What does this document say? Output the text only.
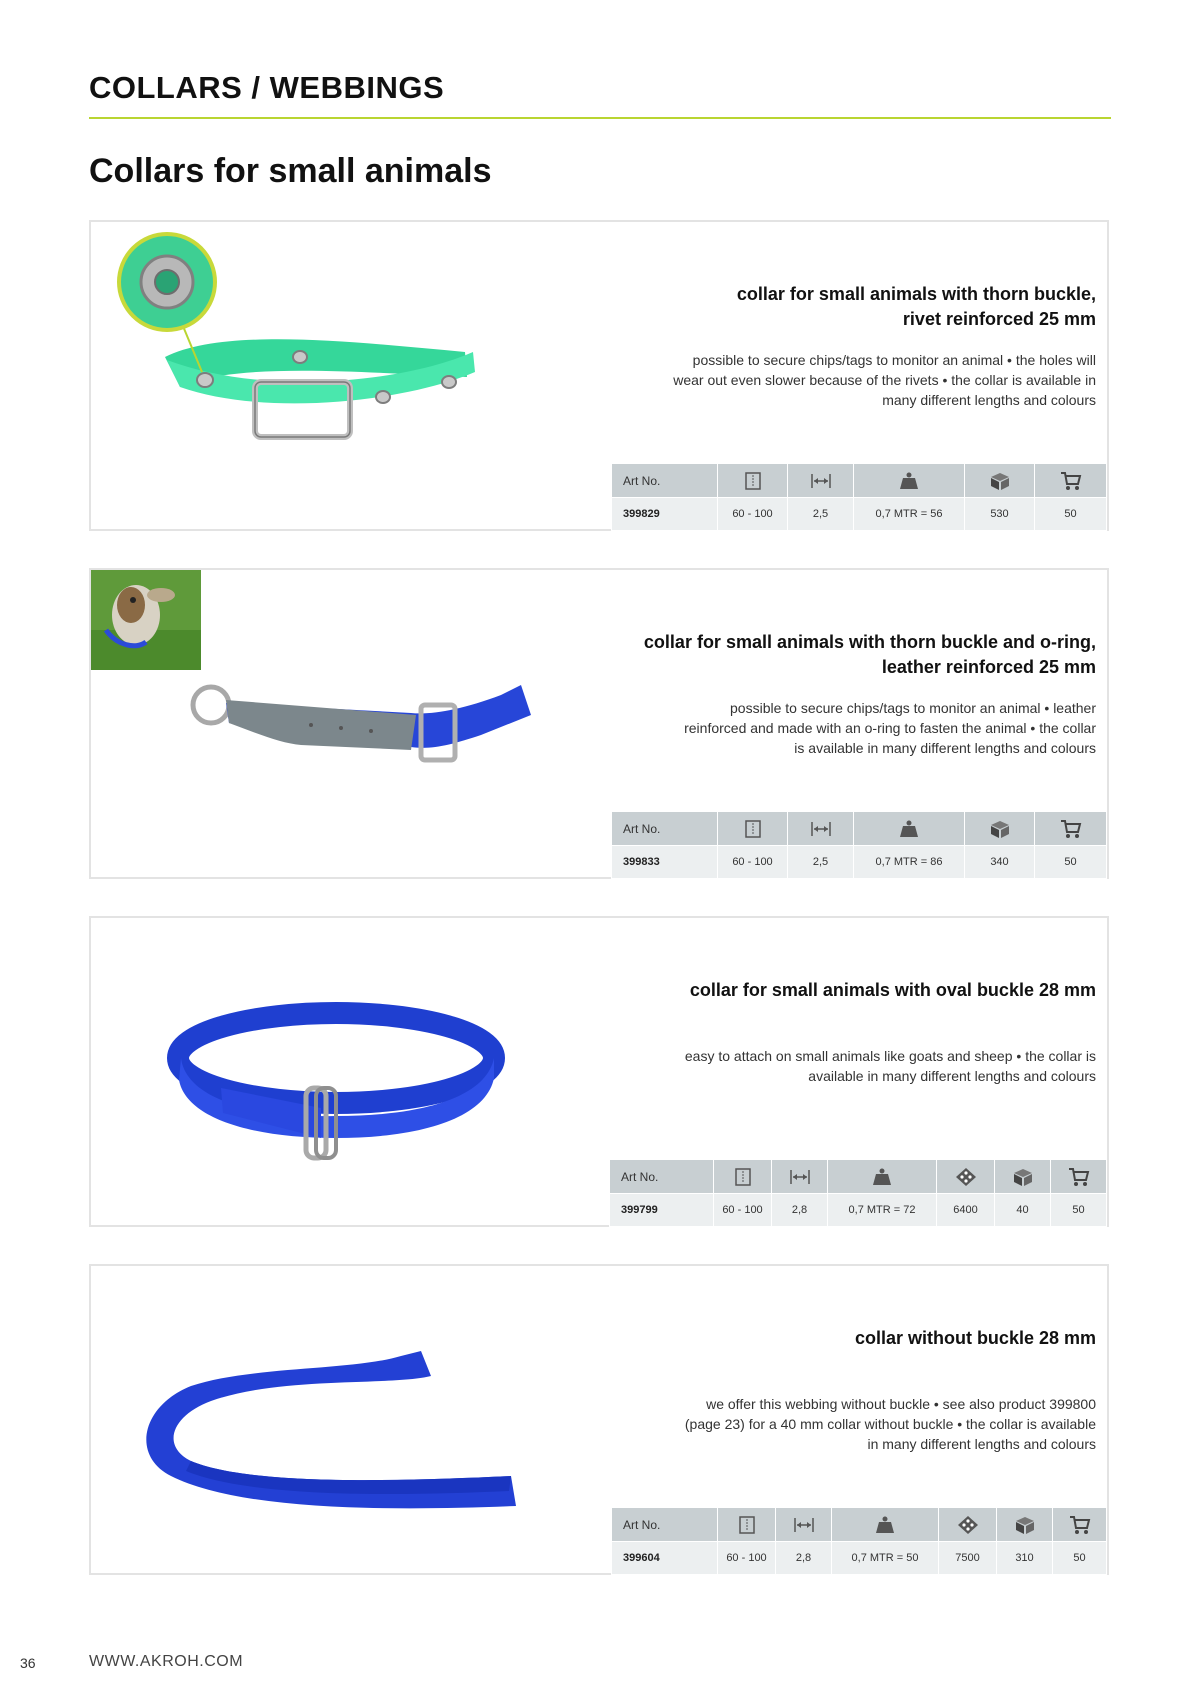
COLLARS / WEBBINGS
Collars for small animals
collar for small animals with thorn buckle,
rivet reinforced 25 mm
possible to secure chips/tags to monitor an animal • the holes will
wear out even slower because of the rivets • the collar is available in
many different lengths and colours
Art No.	

399829	60 - 100	2,5	0,7 MTR = 56	530	50
collar for small animals with thorn buckle and o-ring,
leather reinforced 25 mm
possible to secure chips/tags to monitor an animal • leather
reinforced and made with an o-ring to fasten the animal • the collar
is available in many different lengths and colours
Art No.	

399833	60 - 100	2,5	0,7 MTR = 86	340	50
collar for small animals with oval buckle 28 mm
easy to attach on small animals like goats and sheep • the collar is
available in many different lengths and colours
Art No.	

399799	60 - 100	2,8	0,7 MTR = 72	6400	40	50
collar without buckle 28 mm
we offer this webbing without buckle • see also product 399800
(page 23) for a 40 mm collar without buckle • the collar is available
in many different lengths and colours
Art No.	

399604	60 - 100	2,8	0,7 MTR = 50	7500	310	50
36	WWW.AKROH.COM
